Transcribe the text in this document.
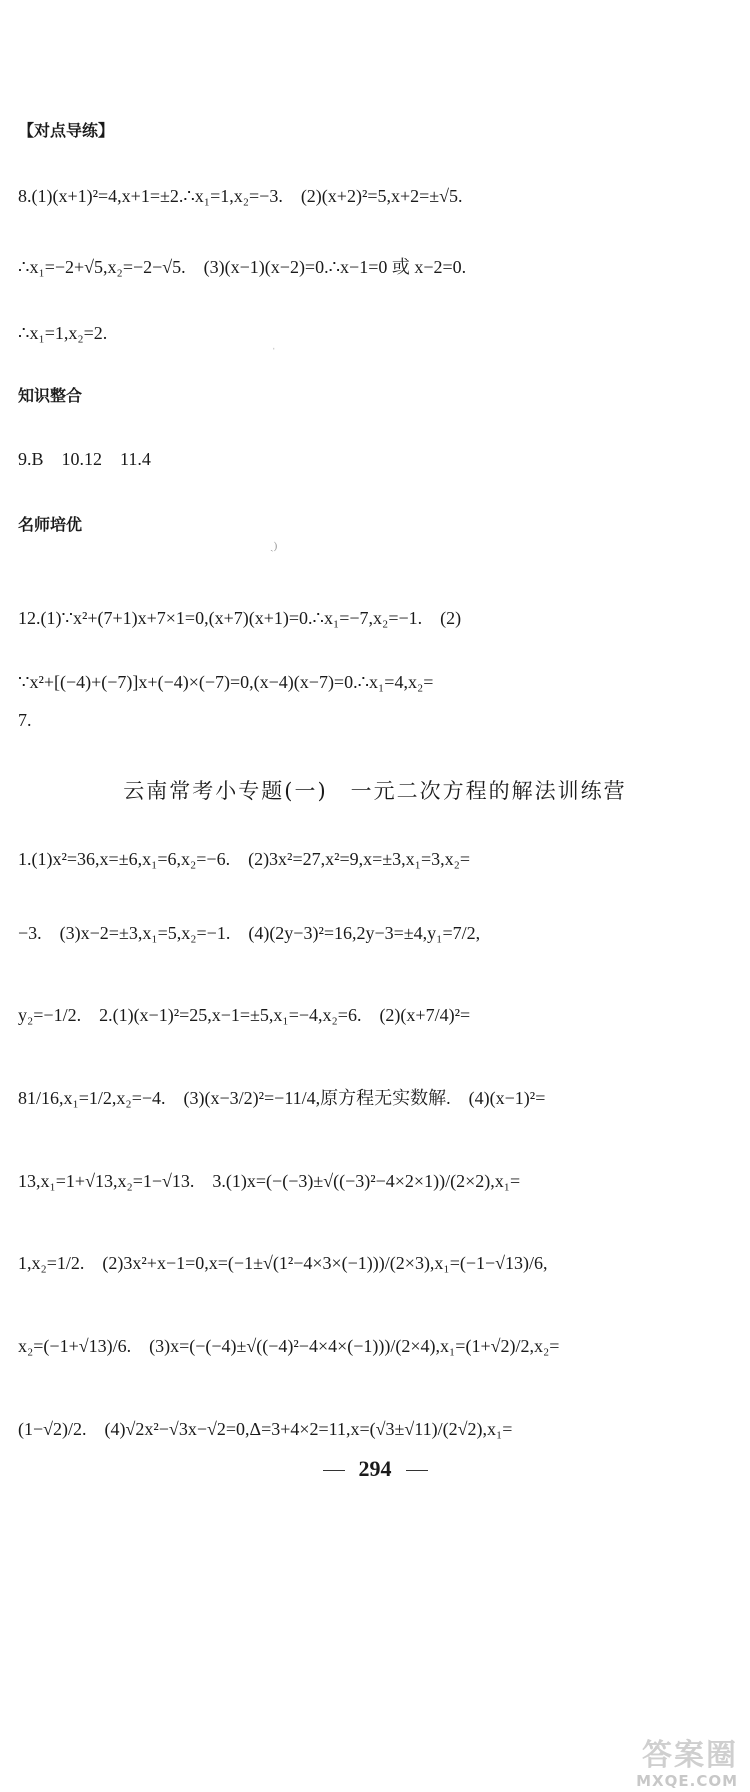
【对点导练】
8.(1)(x+1)²=4,x+1=±2.∴x₁=1,x₂=−3.　(2)(x+2)²=5,x+2=±√5.
∴x₁=−2+√5,x₂=−2−√5.　(3)(x−1)(x−2)=0.∴x−1=0 或 x−2=0.
∴x₁=1,x₂=2.
ˈ
知识整合
9.B　10.12　11.4
名师培优
ˏ)
12.(1)∵x²+(7+1)x+7×1=0,(x+7)(x+1)=0.∴x₁=−7,x₂=−1.　(2)
∵x²+[(−4)+(−7)]x+(−4)×(−7)=0,(x−4)(x−7)=0.∴x₁=4,x₂=
7.
云南常考小专题(一)　一元二次方程的解法训练营
1.(1)x²=36,x=±6,x₁=6,x₂=−6.　(2)3x²=27,x²=9,x=±3,x₁=3,x₂=
−3.　(3)x−2=±3,x₁=5,x₂=−1.　(4)(2y−3)²=16,2y−3=±4,y₁=7/2,
y₂=−1/2.　2.(1)(x−1)²=25,x−1=±5,x₁=−4,x₂=6.　(2)(x+7/4)²=
81/16,x₁=1/2,x₂=−4.　(3)(x−3/2)²=−11/4,原方程无实数解.　(4)(x−1)²=
13,x₁=1+√13,x₂=1−√13.　3.(1)x=(−(−3)±√((−3)²−4×2×1))/(2×2),x₁=
1,x₂=1/2.　(2)3x²+x−1=0,x=(−1±√(1²−4×3×(−1)))/(2×3),x₁=(−1−√13)/6,
x₂=(−1+√13)/6.　(3)x=(−(−4)±√((−4)²−4×4×(−1)))/(2×4),x₁=(1+√2)/2,x₂=
(1−√2)/2.　(4)√2x²−√3x−√2=0,Δ=3+4×2=11,x=(√3±√11)/(2√2),x₁=
294
答案圈
MXQE.COM
